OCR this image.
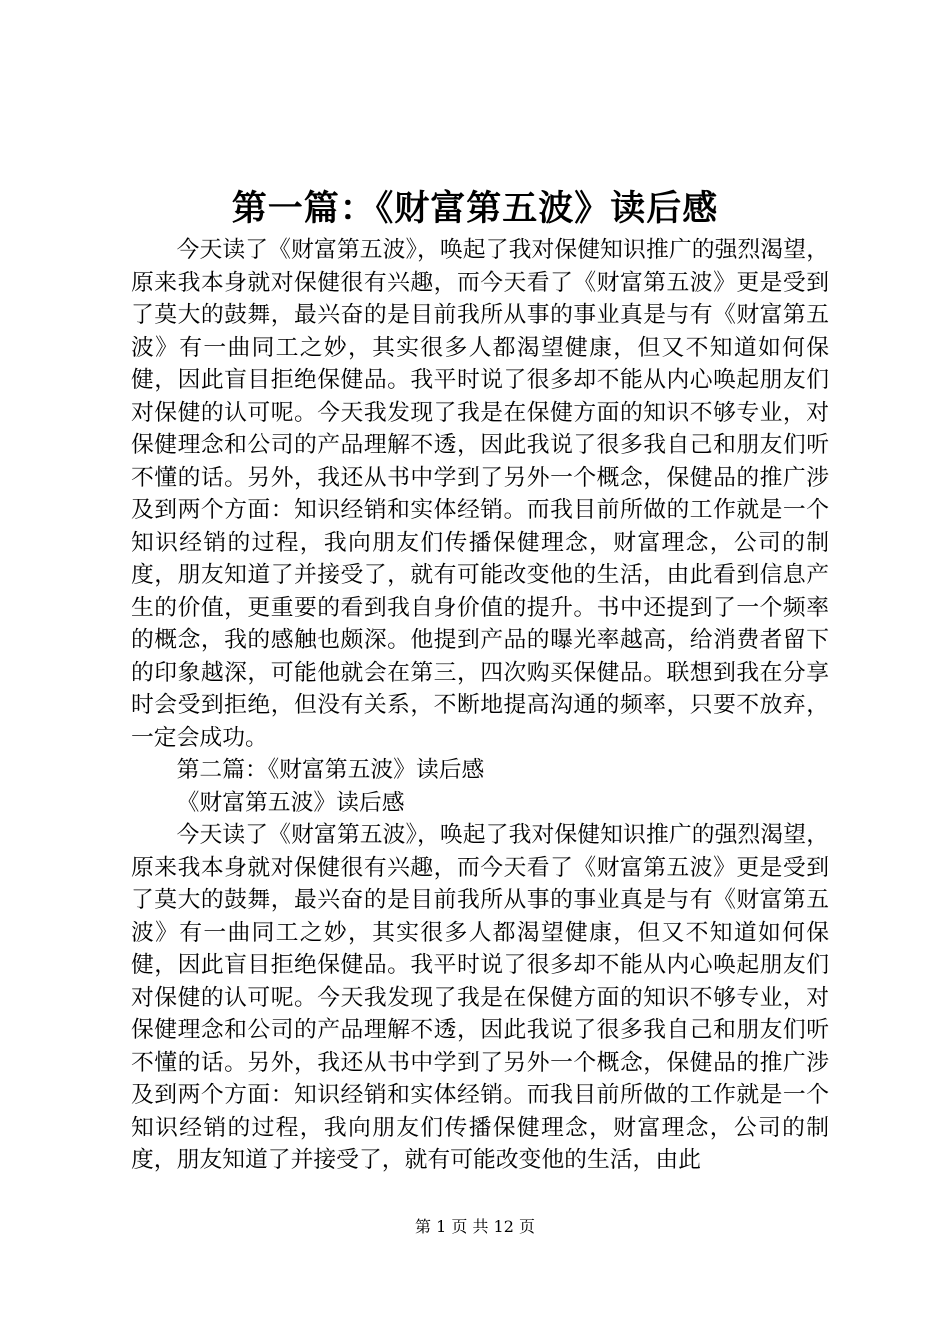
第一篇：《财富第五波》读后感

今天读了《财富第五波》，唤起了我对保健知识推广的强烈渴望，原来我本身就对保健很有兴趣，而今天看了《财富第五波》更是受到了莫大的鼓舞，最兴奋的是目前我所从事的事业真是与有《财富第五波》有一曲同工之妙，其实很多人都渴望健康，但又不知道如何保健，因此盲目拒绝保健品。我平时说了很多却不能从内心唤起朋友们对保健的认可呢。今天我发现了我是在保健方面的知识不够专业，对保健理念和公司的产品理解不透，因此我说了很多我自己和朋友们听不懂的话。另外，我还从书中学到了另外一个概念，保健品的推广涉及到两个方面：知识经销和实体经销。而我目前所做的工作就是一个知识经销的过程，我向朋友们传播保健理念，财富理念，公司的制度，朋友知道了并接受了，就有可能改变他的生活，由此看到信息产生的价值，更重要的看到我自身价值的提升。书中还提到了一个频率的概念，我的感触也颇深。他提到产品的曝光率越高，给消费者留下的印象越深，可能他就会在第三，四次购买保健品。联想到我在分享时会受到拒绝，但没有关系，不断地提高沟通的频率，只要不放弃，一定会成功。

第二篇：《财富第五波》读后感

《财富第五波》读后感

今天读了《财富第五波》，唤起了我对保健知识推广的强烈渴望，原来我本身就对保健很有兴趣，而今天看了《财富第五波》更是受到了莫大的鼓舞，最兴奋的是目前我所从事的事业真是与有《财富第五波》有一曲同工之妙，其实很多人都渴望健康，但又不知道如何保健，因此盲目拒绝保健品。我平时说了很多却不能从内心唤起朋友们对保健的认可呢。今天我发现了我是在保健方面的知识不够专业，对保健理念和公司的产品理解不透，因此我说了很多我自己和朋友们听不懂的话。另外，我还从书中学到了另外一个概念，保健品的推广涉及到两个方面：知识经销和实体经销。而我目前所做的工作就是一个知识经销的过程，我向朋友们传播保健理念，财富理念，公司的制度，朋友知道了并接受了，就有可能改变他的生活，由此

第 1 页 共 12 页
